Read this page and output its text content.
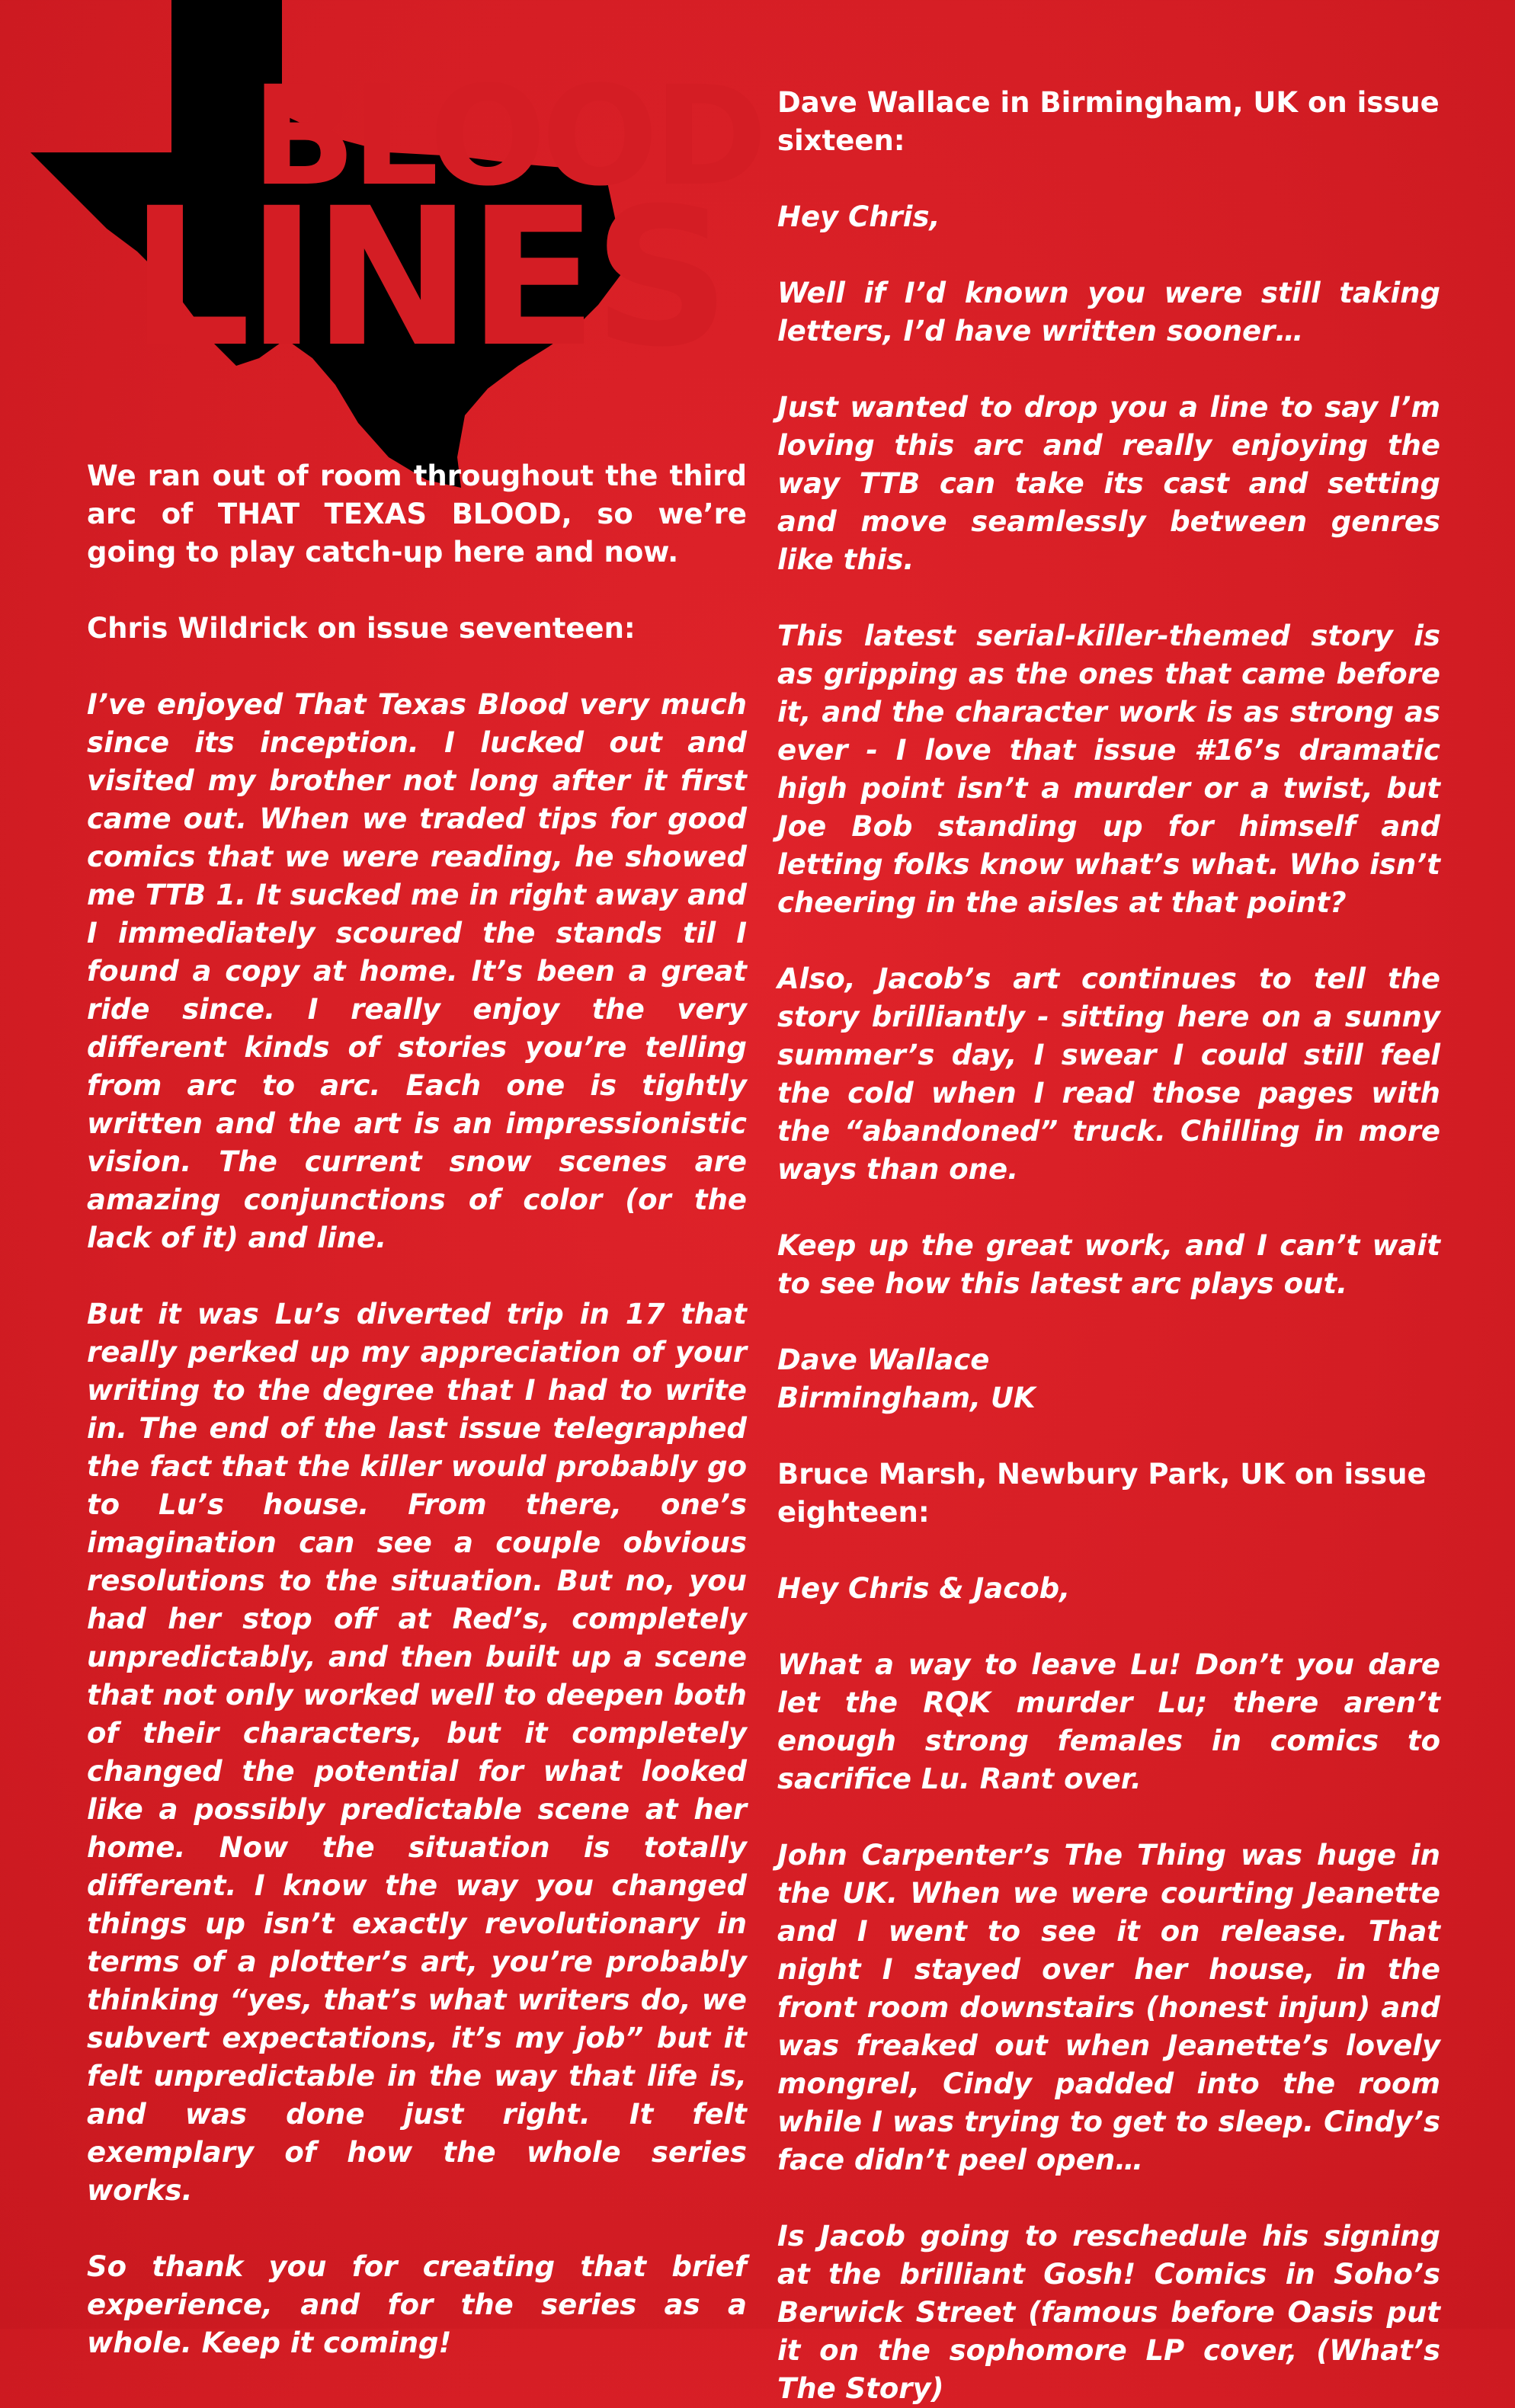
BLOOD
LINES

We ran out of room throughout the third arc of THAT TEXAS BLOOD, so we’re going to play catch-up here and now.

Chris Wildrick on issue seventeen:

I’ve enjoyed That Texas Blood very much since its inception. I lucked out and visited my brother not long after it first came out. When we traded tips for good comics that we were reading, he showed me TTB 1. It sucked me in right away and I immediately scoured the stands til I found a copy at home. It’s been a great ride since. I really enjoy the very different kinds of stories you’re telling from arc to arc. Each one is tightly written and the art is an impressionistic vision. The current snow scenes are amazing conjunctions of color (or the lack of it) and line.

But it was Lu’s diverted trip in 17 that really perked up my appreciation of your writing to the degree that I had to write in. The end of the last issue telegraphed the fact that the killer would probably go to Lu’s house. From there, one’s imagination can see a couple obvious resolutions to the situation. But no, you had her stop off at Red’s, completely unpredictably, and then built up a scene that not only worked well to deepen both of their characters, but it completely changed the potential for what looked like a possibly predictable scene at her home. Now the situation is totally different. I know the way you changed things up isn’t exactly revolutionary in terms of a plotter’s art, you’re probably thinking “yes, that’s what writers do, we subvert expectations, it’s my job” but it felt unpredictable in the way that life is, and was done just right. It felt exemplary of how the whole series works.

So thank you for creating that brief experience, and for the series as a whole. Keep it coming!

Dave Wallace in Birmingham, UK on issue sixteen:

Hey Chris,

Well if I’d known you were still taking letters, I’d have written sooner…

Just wanted to drop you a line to say I’m loving this arc and really enjoying the way TTB can take its cast and setting and move seamlessly between genres like this.

This latest serial-killer-themed story is as gripping as the ones that came before it, and the character work is as strong as ever - I love that issue #16’s dramatic high point isn’t a murder or a twist, but Joe Bob standing up for himself and letting folks know what’s what. Who isn’t cheering in the aisles at that point?

Also, Jacob’s art continues to tell the story brilliantly - sitting here on a sunny summer’s day, I swear I could still feel the cold when I read those pages with the “abandoned” truck. Chilling in more ways than one.

Keep up the great work, and I can’t wait to see how this latest arc plays out.

Dave Wallace
Birmingham, UK

Bruce Marsh, Newbury Park, UK on issue eighteen:

Hey Chris & Jacob,

What a way to leave Lu! Don’t you dare let the RQK murder Lu; there aren’t enough strong females in comics to sacrifice Lu. Rant over.

John Carpenter’s The Thing was huge in the UK. When we were courting Jeanette and I went to see it on release. That night I stayed over her house, in the front room downstairs (honest injun) and was freaked out when Jeanette’s lovely mongrel, Cindy padded into the room while I was trying to get to sleep. Cindy’s face didn’t peel open…

Is Jacob going to reschedule his signing at the brilliant Gosh! Comics in Soho’s Berwick Street (famous before Oasis put it on the sophomore LP cover, (What’s The Story)
